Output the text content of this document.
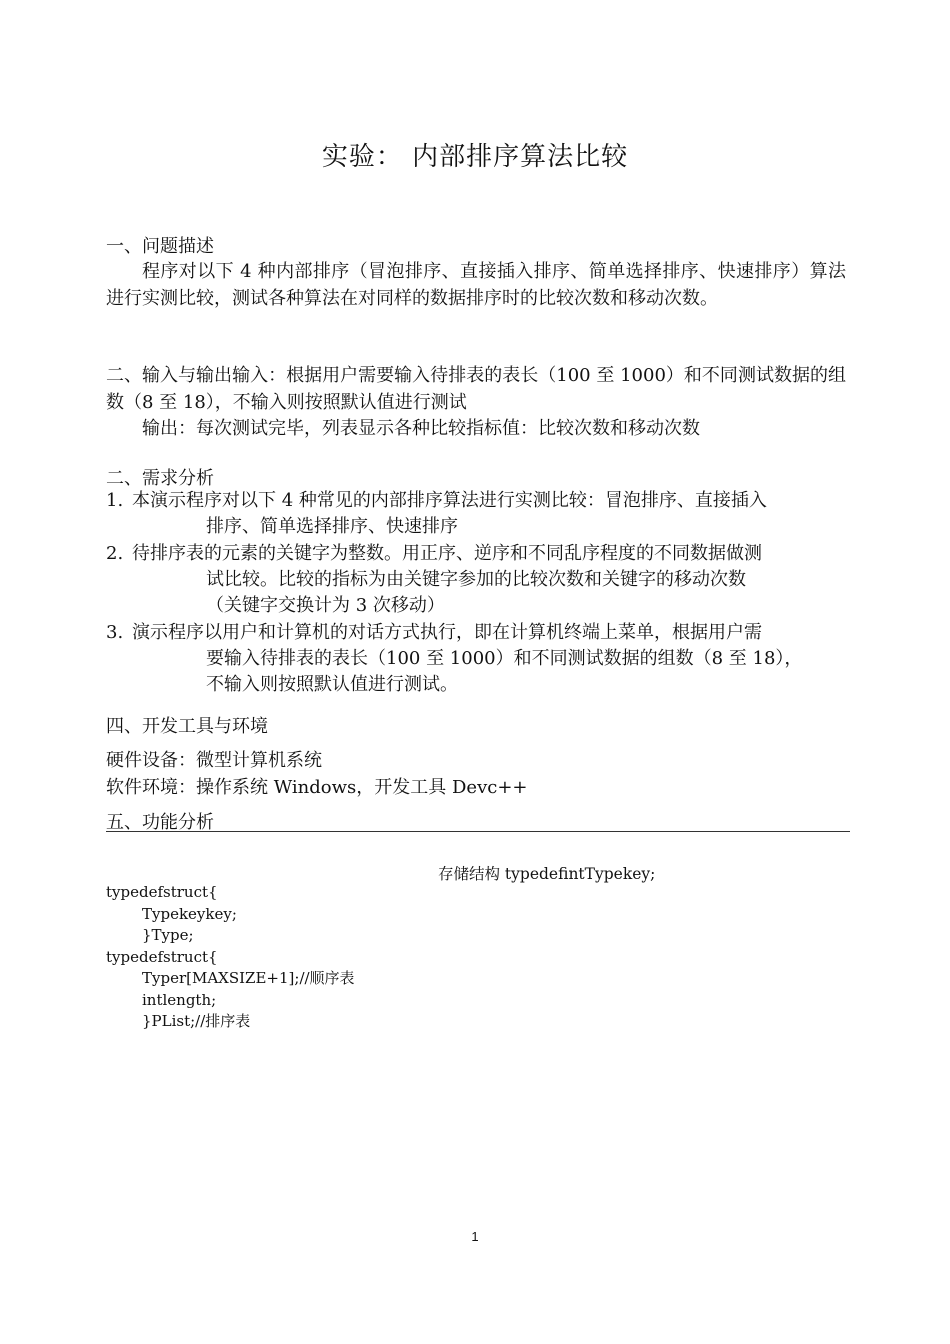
实验： 内部排序算法比较
一、问题描述
程序对以下 4 种内部排序（冒泡排序、直接插入排序、简单选择排序、快速排序）算法进行实测比较，测试各种算法在对同样的数据排序时的比较次数和移动次数。
二、输入与输出输入：根据用户需要输入待排表的表长（100 至 1000）和不同测试数据的组数（8 至 18），不输入则按照默认值进行测试
输出：每次测试完毕，列表显示各种比较指标值：比较次数和移动次数
二、需求分析
1. 本演示程序对以下 4 种常见的内部排序算法进行实测比较：冒泡排序、直接插入
排序、简单选择排序、快速排序
2. 待排序表的元素的关键字为整数。用正序、逆序和不同乱序程度的不同数据做测
试比较。比较的指标为由关键字参加的比较次数和关键字的移动次数
（关键字交换计为 3 次移动）
3. 演示程序以用户和计算机的对话方式执行，即在计算机终端上菜单，根据用户需
要输入待排表的表长（100 至 1000）和不同测试数据的组数（8 至 18），
不输入则按照默认值进行测试。
四、开发工具与环境
硬件设备：微型计算机系统
软件环境：操作系统 Windows，开发工具 Devc++
五、功能分析
存储结构 typedefintTypekey;
typedefstruct{
Typekeykey;
}Type;
typedefstruct{
Typer[MAXSIZE+1];//顺序表
intlength;
}PList;//排序表
1
